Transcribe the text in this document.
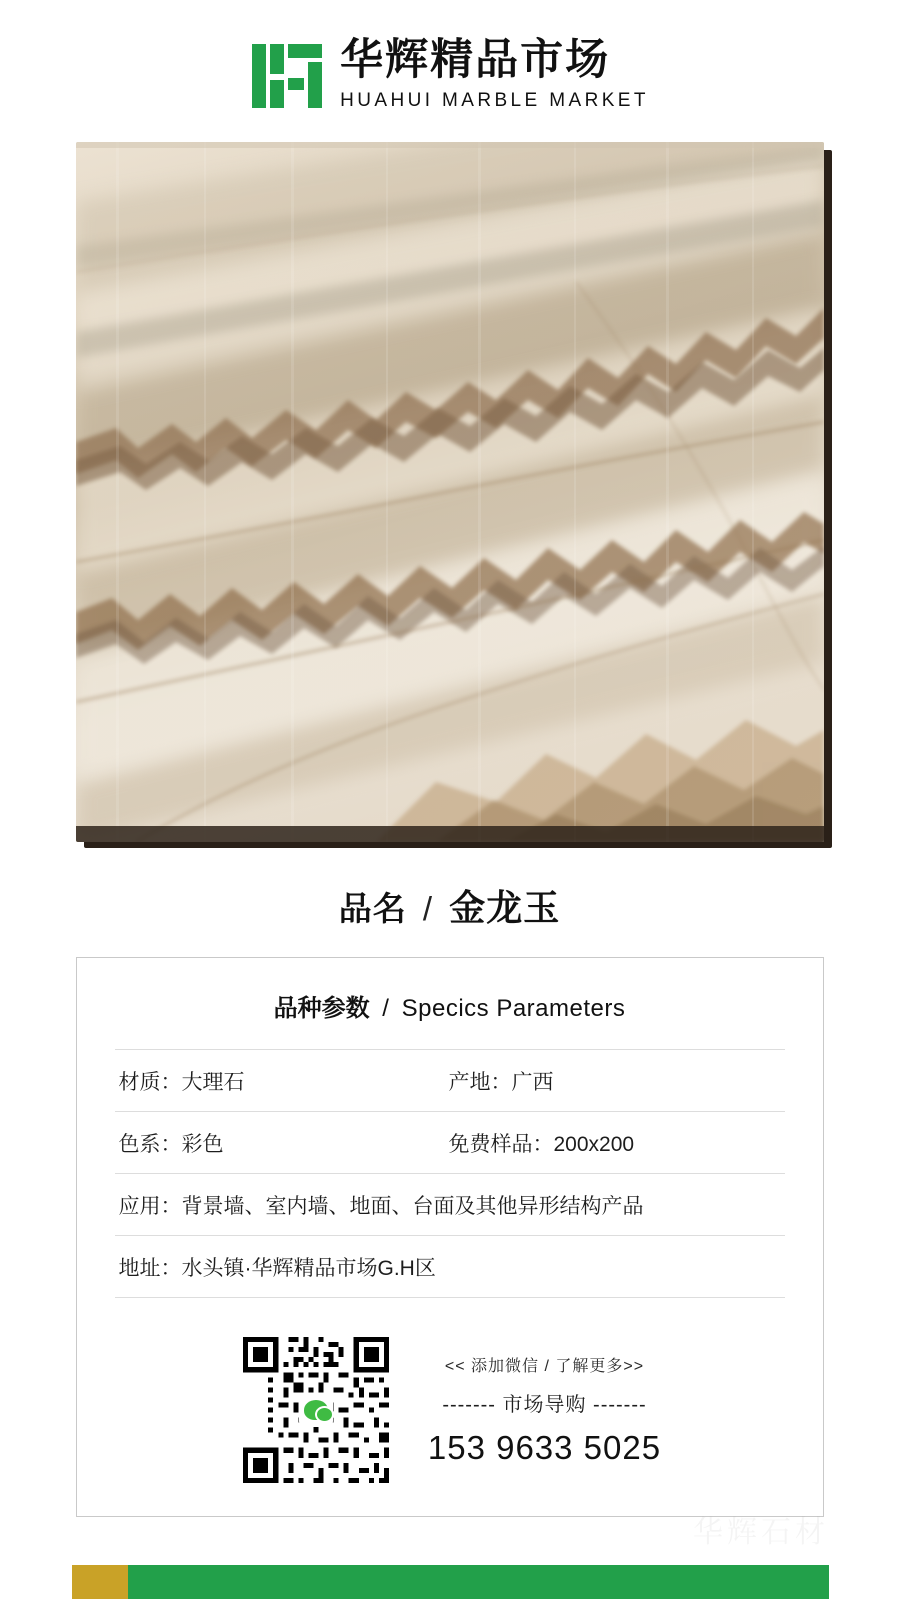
华辉精品市场
HUAHUI MARBLE MARKET
品名 / 金龙玉
品种参数 / Specics Parameters
材质：大理石	产地：广西
色系：彩色	免费样品：200x200
应用：背景墙、室内墙、地面、台面及其他异形结构产品
地址：水头镇·华辉精品市场G.H区
<< 添加微信 / 了解更多>>
------- 市场导购 -------
153 9633 5025
